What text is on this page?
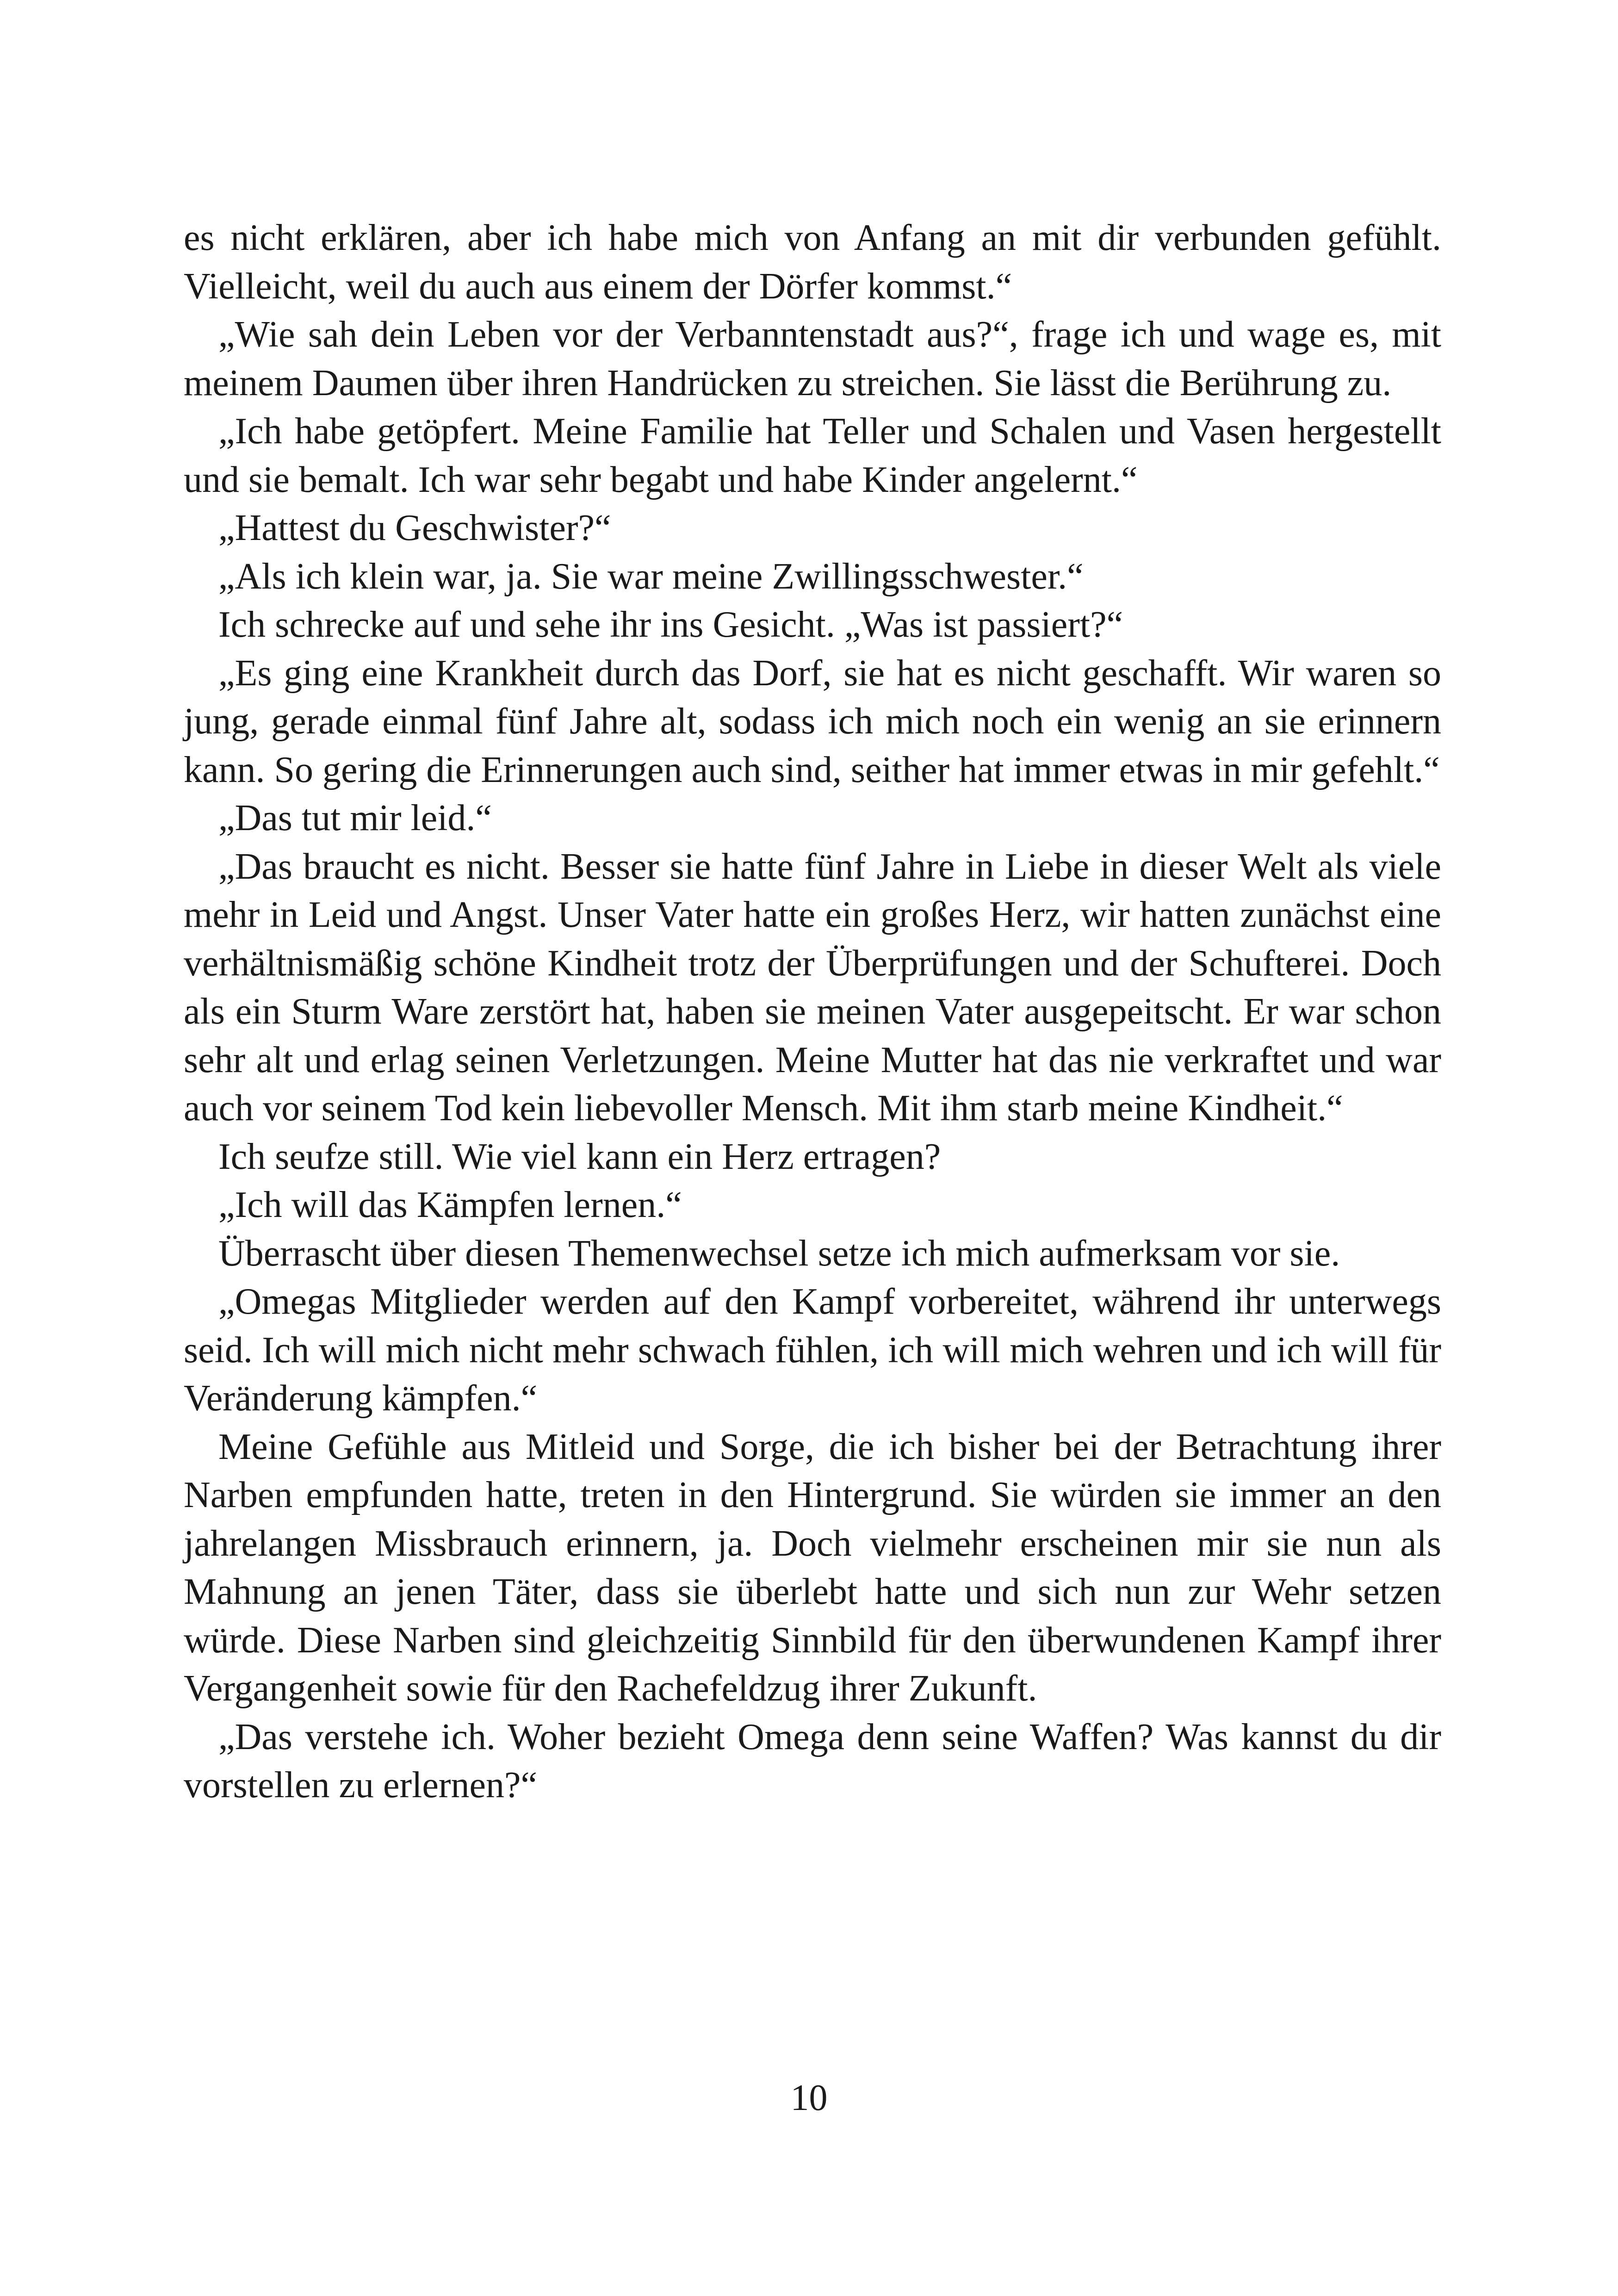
es nicht erklären, aber ich habe mich von Anfang an mit dir verbunden gefühlt. Vielleicht, weil du auch aus einem der Dörfer kommst.“

„Wie sah dein Leben vor der Verbanntenstadt aus?“, frage ich und wage es, mit meinem Daumen über ihren Handrücken zu streichen. Sie lässt die Berührung zu.

„Ich habe getöpfert. Meine Familie hat Teller und Schalen und Vasen hergestellt und sie bemalt. Ich war sehr begabt und habe Kinder angelernt.“

„Hattest du Geschwister?“

„Als ich klein war, ja. Sie war meine Zwillingsschwester.“

Ich schrecke auf und sehe ihr ins Gesicht. „Was ist passiert?“

„Es ging eine Krankheit durch das Dorf, sie hat es nicht geschafft. Wir waren so jung, gerade einmal fünf Jahre alt, sodass ich mich noch ein wenig an sie erinnern kann. So gering die Erinnerungen auch sind, seither hat immer etwas in mir gefehlt.“

„Das tut mir leid.“

„Das braucht es nicht. Besser sie hatte fünf Jahre in Liebe in dieser Welt als viele mehr in Leid und Angst. Unser Vater hatte ein großes Herz, wir hatten zunächst eine verhältnismäßig schöne Kindheit trotz der Überprüfungen und der Schufterei. Doch als ein Sturm Ware zerstört hat, haben sie meinen Vater ausgepeitscht. Er war schon sehr alt und erlag seinen Verletzungen. Meine Mutter hat das nie verkraftet und war auch vor seinem Tod kein liebevoller Mensch. Mit ihm starb meine Kindheit.“

Ich seufze still. Wie viel kann ein Herz ertragen?

„Ich will das Kämpfen lernen.“

Überrascht über diesen Themenwechsel setze ich mich aufmerksam vor sie.

„Omegas Mitglieder werden auf den Kampf vorbereitet, während ihr unterwegs seid. Ich will mich nicht mehr schwach fühlen, ich will mich wehren und ich will für Veränderung kämpfen.“

Meine Gefühle aus Mitleid und Sorge, die ich bisher bei der Betrachtung ihrer Narben empfunden hatte, treten in den Hintergrund. Sie würden sie immer an den jahrelangen Missbrauch erinnern, ja. Doch vielmehr erscheinen mir sie nun als Mahnung an jenen Täter, dass sie überlebt hatte und sich nun zur Wehr setzen würde. Diese Narben sind gleichzeitig Sinnbild für den überwundenen Kampf ihrer Vergangenheit sowie für den Rachefeldzug ihrer Zukunft.

„Das verstehe ich. Woher bezieht Omega denn seine Waffen? Was kannst du dir vorstellen zu erlernen?“

10
